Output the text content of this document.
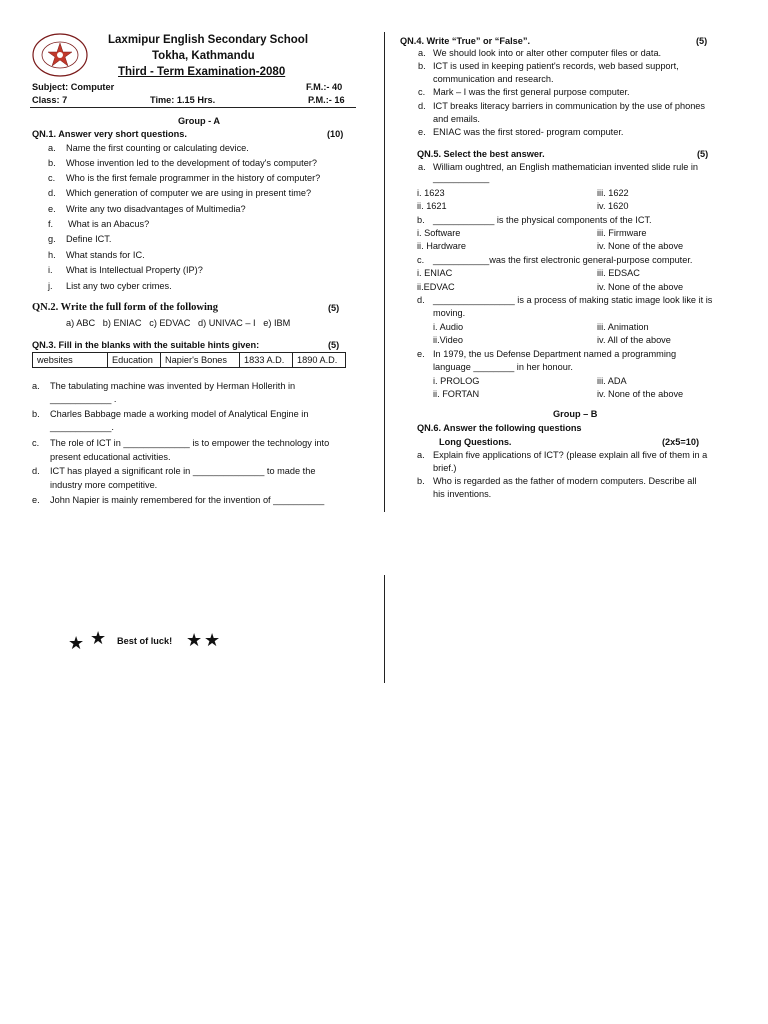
Laxmipur English Secondary School
Tokha, Kathmandu
Third - Term Examination-2080
Subject: Computer	F.M.:- 40
Class: 7	Time: 1.15 Hrs.	P.M.:- 16
Group - A
QN.1. Answer very short questions.	(10)
a. Name the first counting or calculating device.
b. Whose invention led to the development of today's computer?
c. Who is the first female programmer in the history of computer?
d. Which generation of computer we are using in present time?
e. Write any two disadvantages of Multimedia?
f. What is an Abacus?
g. Define ICT.
h. What stands for IC.
i. What is Intellectual Property (IP)?
j. List any two cyber crimes.
QN.2. Write the full form of the following	(5)
a) ABC   b) ENIAC   c) EDVAC   d) UNIVAC – I   e) IBM
QN.3. Fill in the blanks with the suitable hints given:	(5)
websites	Education	Napier's Bones	1833 A.D.	1890 A.D.
a. The tabulating machine was invented by Herman Hollerith in
____________ .
b. Charles Babbage made a working model of Analytical Engine in
____________.
c. The role of ICT in _____________ is to empower the technology into
present educational activities.
d. ICT has played a significant role in ______________ to made the
industry more competitive.
e. John Napier is mainly remembered for the invention of __________
★ ★ Best of luck! ★ ★
QN.4. Write “True” or “False”.	(5)
a. We should look into or alter other computer files or data.
b. ICT is used in keeping patient's records, web based support,
communication and research.
c. Mark – I was the first general purpose computer.
d. ICT breaks literacy barriers in communication by the use of phones
and emails.
e. ENIAC was the first stored- program computer.
QN.5. Select the best answer.	(5)
a. William oughtred, an English mathematician invented slide rule in
___________
i. 1623	iii. 1622
ii. 1621	iv. 1620
b. ____________ is the physical components of the ICT.
i. Software	iii. Firmware
ii. Hardware	iv. None of the above
c. ___________was the first electronic general-purpose computer.
i. ENIAC	iii. EDSAC
ii.EDVAC	iv. None of the above
d. ________________ is a process of making static image look like it is
moving.
i. Audio	iii. Animation
ii.Video	iv. All of the above
e. In 1979, the us Defense Department named a programming
language ________ in her honour.
i. PROLOG	iii. ADA
ii. FORTAN	iv. None of the above
Group – B
QN.6. Answer the following questions
Long Questions.	(2x5=10)
a. Explain five applications of ICT? (please explain all five of them in a
brief.)
b. Who is regarded as the father of modern computers. Describe all
his inventions.
